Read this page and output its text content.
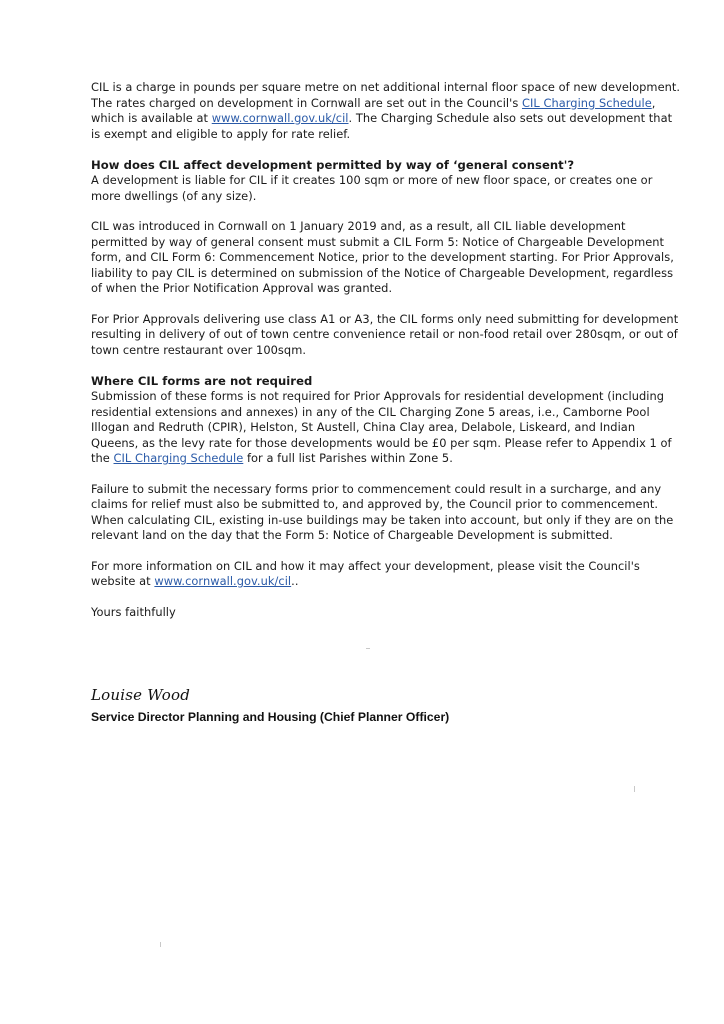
CIL is a charge in pounds per square metre on net additional internal floor space of new development. The rates charged on development in Cornwall are set out in the Council's CIL Charging Schedule, which is available at www.cornwall.gov.uk/cil. The Charging Schedule also sets out development that is exempt and eligible to apply for rate relief.

How does CIL affect development permitted by way of ‘general consent'?

A development is liable for CIL if it creates 100 sqm or more of new floor space, or creates one or more dwellings (of any size).

CIL was introduced in Cornwall on 1 January 2019 and, as a result, all CIL liable development permitted by way of general consent must submit a CIL Form 5: Notice of Chargeable Development form, and CIL Form 6: Commencement Notice, prior to the development starting. For Prior Approvals, liability to pay CIL is determined on submission of the Notice of Chargeable Development, regardless of when the Prior Notification Approval was granted.

For Prior Approvals delivering use class A1 or A3, the CIL forms only need submitting for development resulting in delivery of out of town centre convenience retail or non-food retail over 280sqm, or out of town centre restaurant over 100sqm.

Where CIL forms are not required

Submission of these forms is not required for Prior Approvals for residential development (including residential extensions and annexes) in any of the CIL Charging Zone 5 areas, i.e., Camborne Pool Illogan and Redruth (CPIR), Helston, St Austell, China Clay area, Delabole, Liskeard, and Indian Queens, as the levy rate for those developments would be £0 per sqm. Please refer to Appendix 1 of the CIL Charging Schedule for a full list Parishes within Zone 5.

Failure to submit the necessary forms prior to commencement could result in a surcharge, and any claims for relief must also be submitted to, and approved by, the Council prior to commencement. When calculating CIL, existing in-use buildings may be taken into account, but only if they are on the relevant land on the day that the Form 5: Notice of Chargeable Development is submitted.

For more information on CIL and how it may affect your development, please visit the Council's website at www.cornwall.gov.uk/cil..

Yours faithfully

Louise Wood
Service Director Planning and Housing (Chief Planner Officer)
